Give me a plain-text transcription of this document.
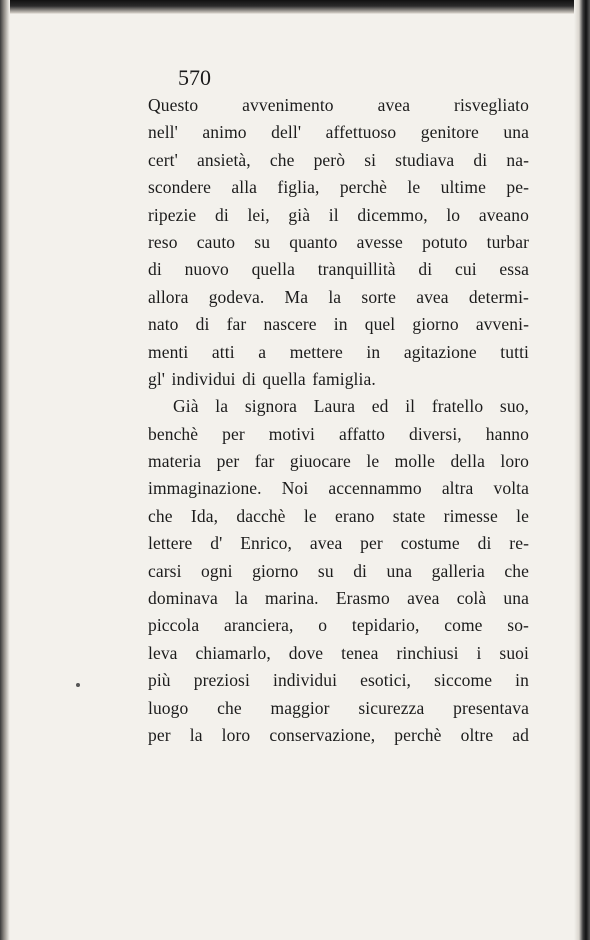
570
Questo avvenimento avea risvegliato
nell' animo dell' affettuoso genitore una
cert' ansietà, che però si studiava di na-
scondere alla figlia, perchè le ultime pe-
ripezie di lei, già il dicemmo, lo aveano
reso cauto su quanto avesse potuto turbar
di nuovo quella tranquillità di cui essa
allora godeva. Ma la sorte avea determi-
nato di far nascere in quel giorno avveni-
menti atti a mettere in agitazione tutti
gl' individui di quella famiglia.
Già la signora Laura ed il fratello suo,
benchè per motivi affatto diversi, hanno
materia per far giuocare le molle della loro
immaginazione. Noi accennammo altra volta
che Ida, dacchè le erano state rimesse le
lettere d' Enrico, avea per costume di re-
carsi ogni giorno su di una galleria che
dominava la marina. Erasmo avea colà una
piccola aranciera, o tepidario, come so-
leva chiamarlo, dove tenea rinchiusi i suoi
più preziosi individui esotici, siccome in
luogo che maggior sicurezza presentava
per la loro conservazione, perchè oltre ad
